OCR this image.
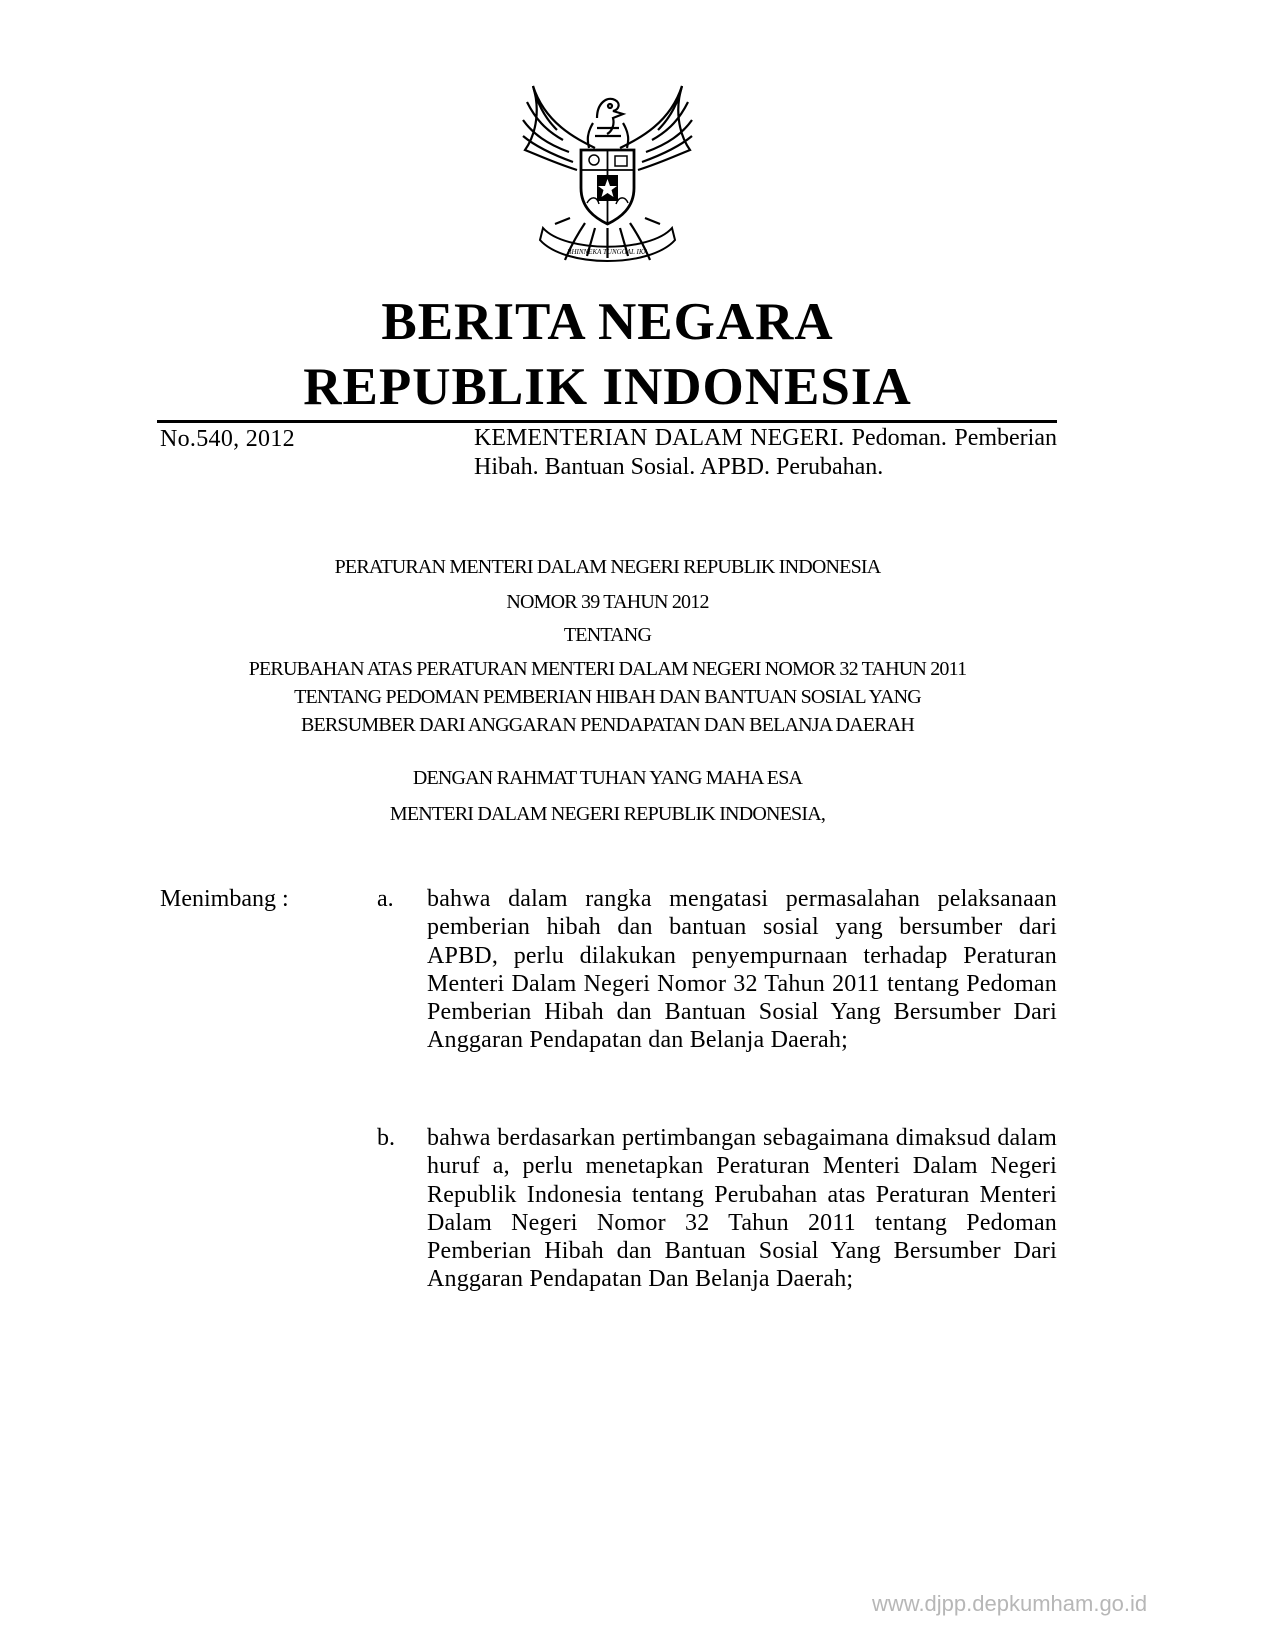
BHINNEKA TUNGGAL IKA
BERITA NEGARA
REPUBLIK INDONESIA
No.540, 2012	KEMENTERIAN DALAM NEGERI. Pedoman. Pemberian Hibah. Bantuan Sosial. APBD. Perubahan.
PERATURAN MENTERI DALAM NEGERI REPUBLIK INDONESIA
NOMOR 39 TAHUN 2012
TENTANG
PERUBAHAN ATAS PERATURAN MENTERI DALAM NEGERI NOMOR 32 TAHUN 2011
TENTANG PEDOMAN PEMBERIAN HIBAH DAN BANTUAN SOSIAL YANG
BERSUMBER DARI ANGGARAN PENDAPATAN DAN BELANJA DAERAH
DENGAN RAHMAT TUHAN YANG MAHA ESA
MENTERI DALAM NEGERI REPUBLIK INDONESIA,
Menimbang :	a. bahwa dalam rangka mengatasi permasalahan pelaksanaan pemberian hibah dan bantuan sosial yang bersumber dari APBD, perlu dilakukan penyempurnaan terhadap Peraturan Menteri Dalam Negeri Nomor 32 Tahun 2011 tentang Pedoman Pemberian Hibah dan Bantuan Sosial Yang Bersumber Dari Anggaran Pendapatan dan Belanja Daerah;
b. bahwa berdasarkan pertimbangan sebagaimana dimaksud dalam huruf a, perlu menetapkan Peraturan Menteri Dalam Negeri Republik Indonesia tentang Perubahan atas Peraturan Menteri Dalam Negeri Nomor 32 Tahun 2011 tentang Pedoman Pemberian Hibah dan Bantuan Sosial Yang Bersumber Dari Anggaran Pendapatan Dan Belanja Daerah;
www.djpp.depkumham.go.id
